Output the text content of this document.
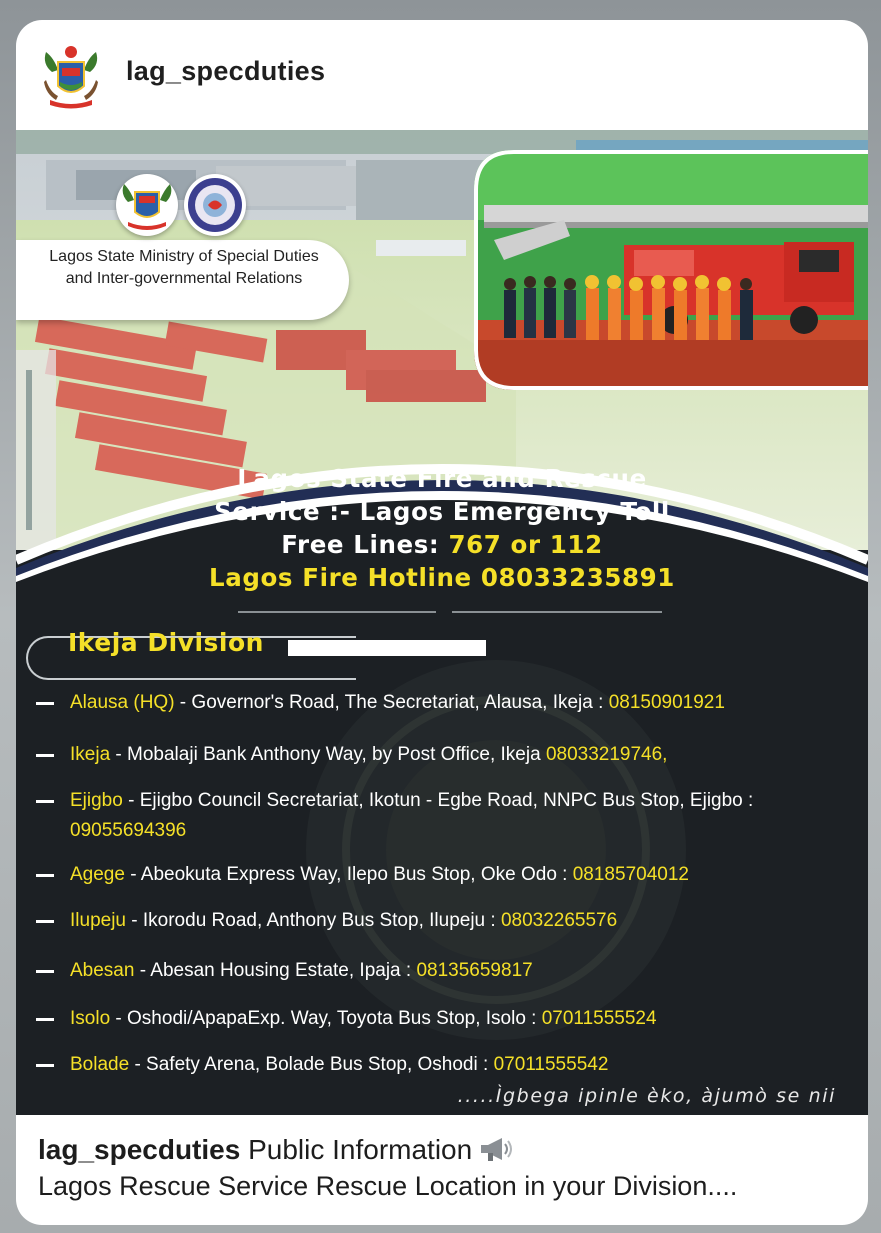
lag_specduties
Lagos State Ministry of Special Duties and Inter-governmental Relations
Lagos State Fire and Rescue
Service :- Lagos Emergency Toll
Free Lines: 767 or 112
Lagos Fire Hotline 08033235891
Ikeja Division
Alausa (HQ) - Governor's Road, The Secretariat, Alausa, Ikeja : 08150901921
Ikeja - Mobalaji Bank Anthony Way, by Post Office, Ikeja 08033219746,
Ejigbo - Ejigbo Council Secretariat, Ikotun - Egbe Road, NNPC Bus Stop, Ejigbo : 09055694396
Agege - Abeokuta Express Way, Ilepo Bus Stop, Oke Odo : 08185704012
Ilupeju - Ikorodu Road, Anthony Bus Stop, Ilupeju : 08032265576
Abesan - Abesan Housing Estate, Ipaja : 08135659817
Isolo - Oshodi/ApapaExp. Way, Toyota Bus Stop, Isolo : 07011555524
Bolade - Safety Arena, Bolade Bus Stop, Oshodi : 07011555542
.....Ìgbega ipinle èko, àjumò se nii
lag_specduties Public Information
Lagos Rescue Service Rescue Location in your Division....
